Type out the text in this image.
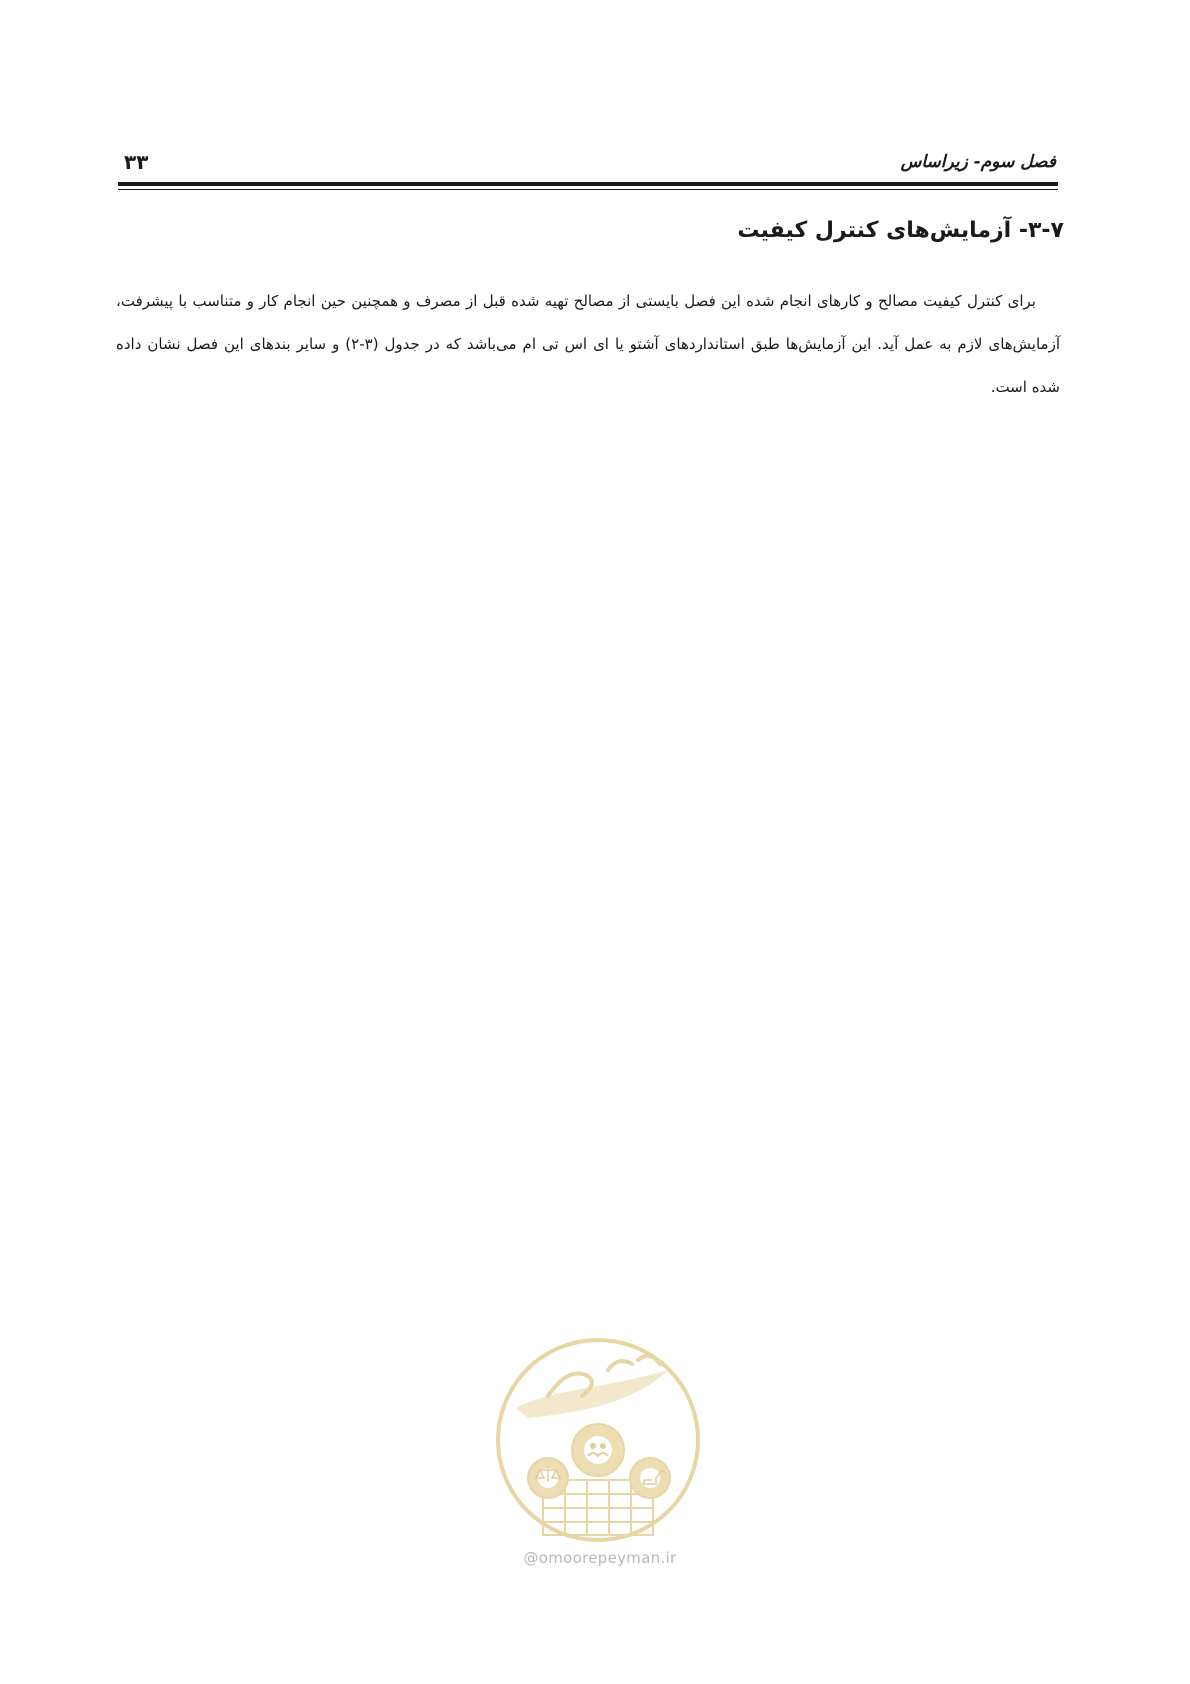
۳۳	فصل سوم- زیراساس
۳-۷- آزمایش‌های کنترل کیفیت

برای کنترل کیفیت مصالح و کارهای انجام شده این فصل بایستی از مصالح تهیه شده قبل از مصرف و همچنین حین انجام کار و متناسب با پیشرفت، آزمایش‌های لازم به عمل آید. این آزمایش‌ها طبق استانداردهای آشتو یا ای اس تی ام می‌باشد که در جدول (۳-۲) و سایر بندهای این فصل نشان داده شده است.

@omoorepeyman.ir
